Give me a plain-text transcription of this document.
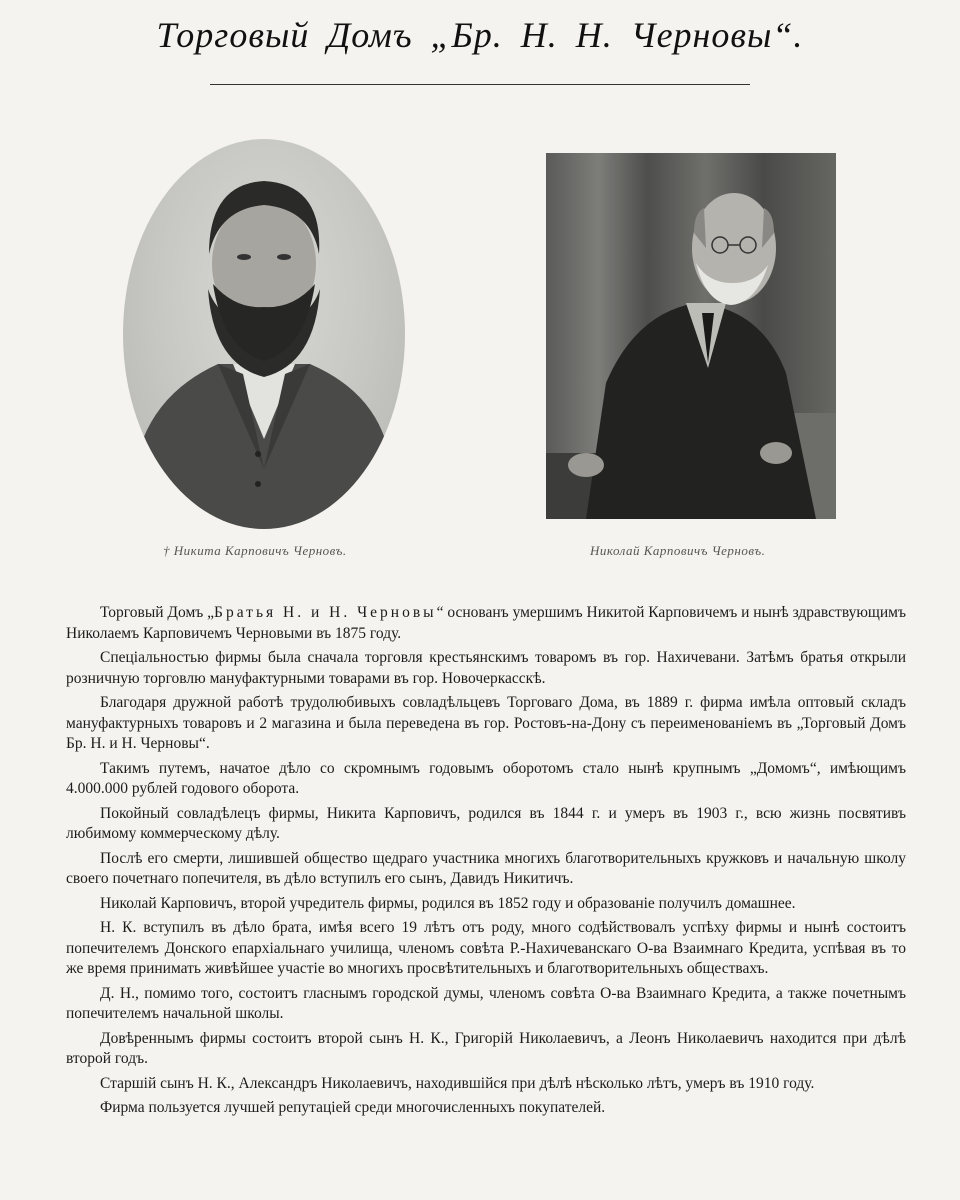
Торговый Домъ „Бр. Н. Н. Черновы“.
† Никита Карповичъ Черновъ.	Николай Карповичъ Черновъ.

Торговый Домъ „Братья Н. и Н. Черновы“ основанъ умершимъ Никитой Карповичемъ и нынѣ здравствующимъ Николаемъ Карповичемъ Черновыми въ 1875 году.

Спеціальностью фирмы была сначала торговля крестьянскимъ товаромъ въ гор. Нахичевани. Затѣмъ братья открыли розничную торговлю мануфактурными товарами въ гор. Новочеркасскѣ.

Благодаря дружной работѣ трудолюбивыхъ совладѣльцевъ Торговаго Дома, въ 1889 г. фирма имѣла оптовый складъ мануфактурныхъ товаровъ и 2 магазина и была переведена въ гор. Ростовъ-на-Дону съ переименованіемъ въ „Торговый Домъ Бр. Н. и Н. Черновы“.

Такимъ путемъ, начатое дѣло со скромнымъ годовымъ оборотомъ стало нынѣ крупнымъ „Домомъ“, имѣющимъ 4.000.000 рублей годового оборота.

Покойный совладѣлецъ фирмы, Никита Карповичъ, родился въ 1844 г. и умеръ въ 1903 г., всю жизнь посвятивъ любимому коммерческому дѣлу.

Послѣ его смерти, лишившей общество щедраго участника многихъ благотворительныхъ кружковъ и начальную школу своего почетнаго попечителя, въ дѣло вступилъ его сынъ, Давидъ Никитичъ.

Николай Карповичъ, второй учредитель фирмы, родился въ 1852 году и образованіе получилъ домашнее.

Н. К. вступилъ въ дѣло брата, имѣя всего 19 лѣтъ отъ роду, много содѣйствовалъ успѣху фирмы и нынѣ состоитъ попечителемъ Донского епархіальнаго училища, членомъ совѣта Р.-Нахичеванскаго О-ва Взаимнаго Кредита, успѣвая въ то же время принимать живѣйшее участіе во многихъ просвѣтительныхъ и благотворительныхъ обществахъ.

Д. Н., помимо того, состоитъ гласнымъ городской думы, членомъ совѣта О-ва Взаимнаго Кредита, а также почетнымъ попечителемъ начальной школы.

Довѣреннымъ фирмы состоитъ второй сынъ Н. К., Григорій Николаевичъ, а Леонъ Николаевичъ находится при дѣлѣ второй годъ.

Старшій сынъ Н. К., Александръ Николаевичъ, находившійся при дѣлѣ нѣсколько лѣтъ, умеръ въ 1910 году.

Фирма пользуется лучшей репутаціей среди многочисленныхъ покупателей.
